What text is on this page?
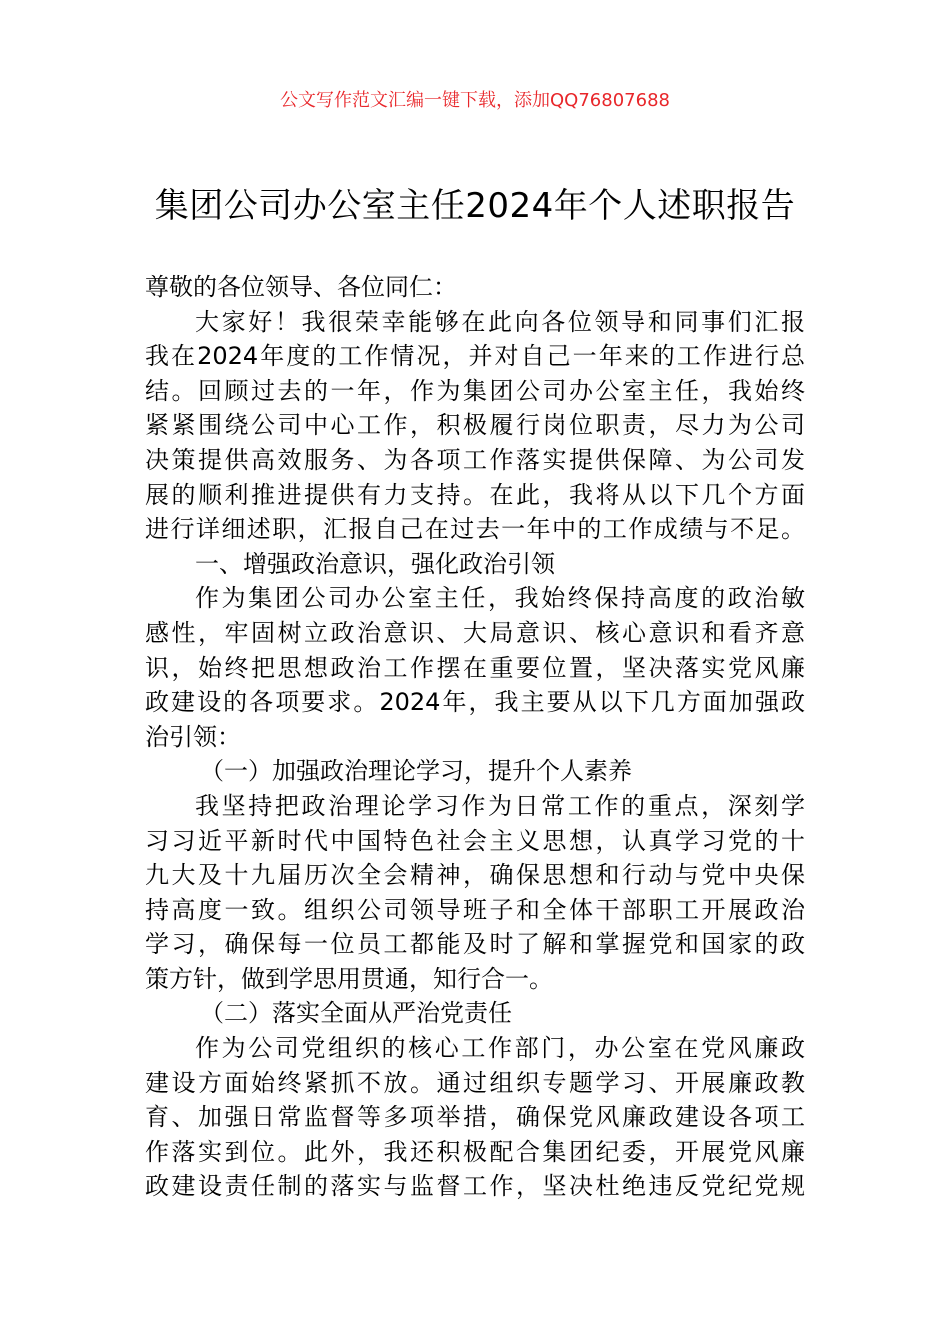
公文写作范文汇编一键下载，添加QQ76807688
集团公司办公室主任2024年个人述职报告
尊敬的各位领导、各位同仁：
大家好！我很荣幸能够在此向各位领导和同事们汇报
我在2024年度的工作情况，并对自己一年来的工作进行总
结。回顾过去的一年，作为集团公司办公室主任，我始终
紧紧围绕公司中心工作，积极履行岗位职责，尽力为公司
决策提供高效服务、为各项工作落实提供保障、为公司发
展的顺利推进提供有力支持。在此，我将从以下几个方面
进行详细述职，汇报自己在过去一年中的工作成绩与不足。
一、增强政治意识，强化政治引领
作为集团公司办公室主任，我始终保持高度的政治敏
感性，牢固树立政治意识、大局意识、核心意识和看齐意
识，始终把思想政治工作摆在重要位置，坚决落实党风廉
政建设的各项要求。2024年，我主要从以下几方面加强政
治引领：
（一）加强政治理论学习，提升个人素养
我坚持把政治理论学习作为日常工作的重点，深刻学
习习近平新时代中国特色社会主义思想，认真学习党的十
九大及十九届历次全会精神，确保思想和行动与党中央保
持高度一致。组织公司领导班子和全体干部职工开展政治
学习，确保每一位员工都能及时了解和掌握党和国家的政
策方针，做到学思用贯通，知行合一。
（二）落实全面从严治党责任
作为公司党组织的核心工作部门，办公室在党风廉政
建设方面始终紧抓不放。通过组织专题学习、开展廉政教
育、加强日常监督等多项举措，确保党风廉政建设各项工
作落实到位。此外，我还积极配合集团纪委，开展党风廉
政建设责任制的落实与监督工作，坚决杜绝违反党纪党规
